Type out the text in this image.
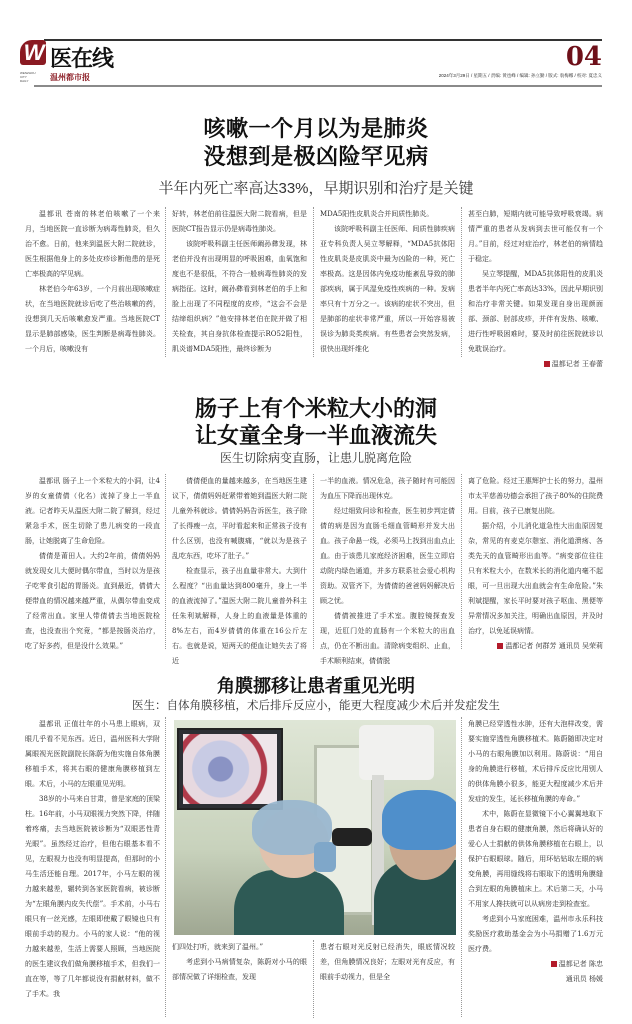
W
WENZHOU CITY DAILY
医在线
温州都市报
04
2024年3月29日 / 星期五 / 责编: 黄也峰 / 编辑: 孙立勤 / 版式: 翁梅娜 / 校对: 夏忠义
咳嗽一个月以为是肺炎
没想到是极凶险罕见病
半年内死亡率高达33%，早期识别和治疗是关键

温都讯 苍南的林老伯咳嗽了一个来月，当地医院一直诊断为病毒性肺炎，但久治不愈。日前，他来到温医大附二院就诊，医生根据他身上的多处皮疹诊断他患的是死亡率极高的罕见病。

林老伯今年63岁，一个月前出现咳嗽症状，在当地医院就诊后吃了些治咳嗽的药，没想到几天后咳嗽愈发严重。当地医院CT显示是肺部感染，医生判断是病毒性肺炎。一个月后，咳嗽没有

好转，林老伯前往温医大附二院看病，但是医院CT报告显示仍是病毒性肺炎。

该院呼吸科副主任医师阚孙彝发现，林老伯并没有出现明显的呼吸困难，血氧饱和度也不是很低，不符合一般病毒性肺炎的发病指征。这时，阚孙彝看到林老伯的手上和脸上出现了不同程度的皮疹，“这会不会是结缔组织病？”他安排林老伯在院并做了相关检查，其自身抗体检查提示RO52阳性，肌炎谱MDA5阳性，最终诊断为

MDA5阳性皮肌炎合并间质性肺炎。

该院呼吸科副主任医师、间质性肺疾病亚专科负责人吴立琴解释，“MDA5抗体阳性皮肌炎是皮肌炎中最为凶险的一种，死亡率极高。这是因体内免疫功能紊乱导致的肺部疾病，属于风湿免疫性疾病的一种。发病率只有十万分之一。该病的症状不突出，但是肺部的症状非常严重，所以一开始容易被误诊为肺炎类疾病。有些患者会突然发病，很快出现纤维化

甚至白肺，短期内就可能导致呼吸衰竭。病情严重的患者从发病到去世可能仅有一个月。”目前，经过对症治疗，林老伯的病情趋于稳定。

吴立琴提醒，MDA5抗体阳性的皮肌炎患者半年内死亡率高达33%，因此早期识别和治疗非常关键。如果发现自身出现颜面部、颈部、肘部皮疹，并伴有发热、咳嗽、进行性呼吸困难时，要及时前往医院就诊以免耽误治疗。

温都记者 王春蕾

肠子上有个米粒大小的洞
让女童全身一半血液流失
医生切除病变直肠，让患儿脱离危险

温都讯 肠子上一个米粒大的小洞，让4岁的女童倩倩（化名）流掉了身上一半血液。记者昨天从温医大附二院了解到，经过紧急手术，医生切除了患儿病变的一段直肠，让她脱离了生命危险。

倩倩是莆田人。大约2年前，倩倩妈妈就发现女儿大便时偶尔带血，当时以为是孩子吃零食引起的胃肠炎。直到最近，倩倩大便带血的情况越来越严重，从偶尔带血变成了经常出血。家里人带倩倩去当地医院检查，也没查出个究竟，“都是按肠炎治疗，吃了好多药，但是没什么效果。”

倩倩便血的量越来越多，在当地医生建议下，倩倩妈妈赶紧带着她到温医大附二院儿童外科就诊。倩倩妈妈告诉医生，孩子除了长得瘦一点，平时看起来和正常孩子没有什么区别，也没有喊腹痛，“就以为是孩子乱吃东西，吃坏了肚子。”

检查显示，孩子出血量非常大。大到什么程度？“出血量达到800毫升，身上一半的血液流掉了。”温医大附二院儿童普外科主任朱利斌解释，人身上的血液量是体重的8%左右，而4岁倩倩的体重在16公斤左右。也就是说，短两天的便血让她失去了将近

一半的血液。情况危急，孩子随时有可能因为血压下降而出现休克。

经过细致问诊和检查，医生初步判定倩倩的病是因为直肠毛细血管畸形并发大出血。孩子命悬一线，必须马上找到出血点止血。由于该患儿家庭经济困难，医生立即启动院内绿色通道，并多方联系社会爱心机构资助。双管齐下，为倩倩的爸爸妈妈解决后顾之忧。

倩倩被推进了手术室。腹腔镜探查发现，近肛门处的直肠有一个米粒大的出血点，仍在不断出血。清除病变组织、止血，手术顺利结束，倩倩脱

离了危险。经过王惠辉护士长的努力，温州市太平慈善功德会承担了孩子80%的住院费用。目前，孩子已康复出院。

据介绍，小儿消化道急性大出血原因复杂，常见的有麦克尔憩室、消化道溃疡、各类先天的血管畸形出血等。“病变部位往往只有米粒大小，在数米长的消化道内毫不起眼，可一旦出现大出血就会有生命危险。”朱利斌提醒，家长平时要对孩子呕血、黑便等异常情况多加关注，明确出血原因，并及时治疗，以免延误病情。

温都记者 何群芳 通讯员 吴荣莉

角膜挪移让患者重见光明
医生：自体角膜移植，术后排斥反应小，能更大程度减少术后并发症发生

温都讯 正值壮年的小马患上眼病，双眼几乎看不见东西。近日，温州医科大学附属眼视光医院副院长陈蔚为他实施自体角膜移植手术，将其右眼的健康角膜移植到左眼。术后，小马的左眼重见光明。

38岁的小马来自甘肃，曾是家庭的顶梁柱。16年前，小马双眼视力突然下降，伴随着疼痛，去当地医院被诊断为“双眼恶性青光眼”。虽然经过治疗，但他右眼基本看不见，左眼视力也没有明显提高，但那时的小马生活还能自理。2017年，小马左眼的视力越来越差，辗转到各家医院看病，被诊断为“左眼角膜内皮失代偿”。手术前，小马右眼只有一丝光感，左眼即使戴了眼镜也只有眼前手动的视力。小马的家人说：“他的视力越来越差，生活上需要人照顾，当地医院的医生建议我们做角膜移植手术，但我们一直在等，等了几年都说没有捐献材料，做不了手术。我

们四处打听，就来到了温州。”

考虑到小马病情复杂，陈蔚对小马的眼部情况做了详细检查，发现

患者右眼对光反射已经消失，眼底情况较差，但角膜情况良好；左眼对光有反应，有眼前手动视力，但是全

角膜已经穿透性水肿，还有大泡样改变，需要实施穿透性角膜移植术。陈蔚随即决定对小马的右眼角膜加以利用。陈蔚说：“用自身的角膜进行移植，术后排斥反应比用别人的供体角膜小很多，能更大程度减少术后并发症的发生，延长移植角膜的寿命。”

术中，陈蔚在显微镜下小心翼翼地取下患者自身右眼的健康角膜，然后将确认好的爱心人士捐献的供体角膜移植在右眼上，以保护右眼眼球。随后，用环钻钻取左眼的病变角膜，再用缝线将右眼取下的透明角膜缝合到左眼的角膜植床上。术后第二天，小马不用家人搀扶就可以从病房走到检查室。

考虑到小马家庭困难，温州市永乐科技奖励医疗救助基金会为小马捐赠了1.6万元医疗费。

温都记者 陈忠

通讯员 杨媛
